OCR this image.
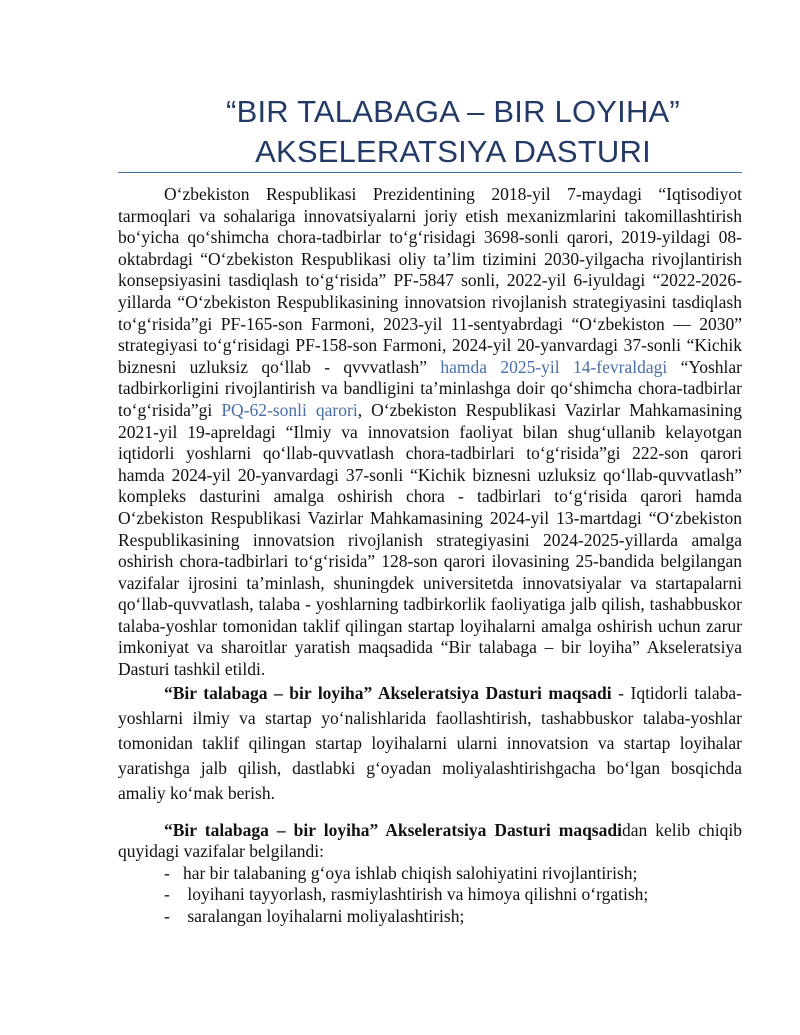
“BIR TALABAGA – BIR LOYIHA”
AKSELERATSIYA DASTURI

O‘zbekiston Respublikasi Prezidentining 2018-yil 7-maydagi “Iqtisodiyot tarmoqlari va sohalariga innovatsiyalarni joriy etish mexanizmlarini takomillashtirish bo‘yicha qo‘shimcha chora-tadbirlar to‘g‘risidagi 3698-sonli qarori, 2019-yildagi 08-oktabrdagi “O‘zbekiston Respublikasi oliy ta’lim tizimini 2030-yilgacha rivojlantirish konsepsiyasini tasdiqlash to‘g‘risida” PF-5847 sonli, 2022-yil 6-iyuldagi “2022-2026-yillarda “O‘zbekiston Respublikasining innovatsion rivojlanish strategiyasini tasdiqlash to‘g‘risida”gi PF-165-son Farmoni, 2023-yil 11-sentyabrdagi “O‘zbekiston — 2030” strategiyasi to‘g‘risidagi PF-158-son Farmoni, 2024-yil 20-yanvardagi 37-sonli “Kichik biznesni uzluksiz qo‘llab - qvvvatlash” hamda 2025-yil 14-fevraldagi “Yoshlar tadbirkorligini rivojlantirish va bandligini ta’minlashga doir qo‘shimcha chora-tadbirlar to‘g‘risida”gi PQ-62-sonli qarori, O‘zbekiston Respublikasi Vazirlar Mahkamasining 2021-yil 19-apreldagi “Ilmiy va innovatsion faoliyat bilan shug‘ullanib kelayotgan iqtidorli yoshlarni qo‘llab-quvvatlash chora-tadbirlari to‘g‘risida”gi 222-son qarori hamda 2024-yil 20-yanvardagi 37-sonli “Kichik biznesni uzluksiz qo‘llab-quvvatlash” kompleks dasturini amalga oshirish chora - tadbirlari to‘g‘risida qarori hamda O‘zbekiston Respublikasi Vazirlar Mahkamasining 2024-yil 13-martdagi “O‘zbekiston Respublikasining innovatsion rivojlanish strategiyasini 2024-2025-yillarda amalga oshirish chora-tadbirlari to‘g‘risida” 128-son qarori ilovasining 25-bandida belgilangan vazifalar ijrosini ta’minlash, shuningdek universitetda innovatsiyalar va startapalarni qo‘llab-quvvatlash, talaba - yoshlarning tadbirkorlik faoliyatiga jalb qilish, tashabbuskor talaba-yoshlar tomonidan taklif qilingan startap loyihalarni amalga oshirish uchun zarur imkoniyat va sharoitlar yaratish maqsadida “Bir talabaga – bir loyiha” Akseleratsiya Dasturi tashkil etildi.

“Bir talabaga – bir loyiha” Akseleratsiya Dasturi maqsadi - Iqtidorli talaba-yoshlarni ilmiy va startap yo‘nalishlarida faollashtirish, tashabbuskor talaba-yoshlar tomonidan taklif qilingan startap loyihalarni ularni innovatsion va startap loyihalar yaratishga jalb qilish, dastlabki g‘oyadan moliyalashtirishgacha bo‘lgan bosqichda amaliy ko‘mak berish.

“Bir talabaga – bir loyiha” Akseleratsiya Dasturi maqsadidan kelib chiqib quyidagi vazifalar belgilandi:

-   har bir talabaning g‘oya ishlab chiqish salohiyatini rivojlantirish;
-    loyihani tayyorlash, rasmiylashtirish va himoya qilishni o‘rgatish;
-    saralangan loyihalarni moliyalashtirish;
